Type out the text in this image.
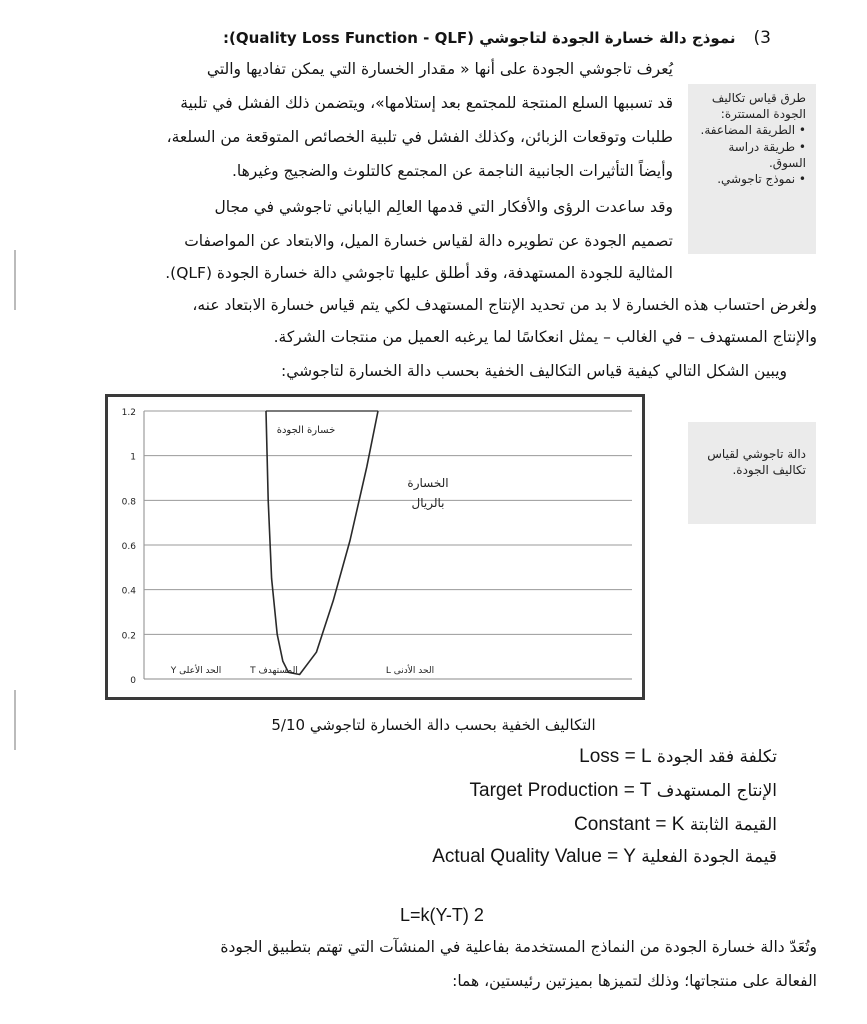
3)نموذج دالة خسارة الجودة لتاجوشي (Quality Loss Function - QLF):
يُعرف تاجوشي الجودة على أنها « مقدار الخسارة التي يمكن تفاديها والتي
قد تسببها السلع المنتجة للمجتمع بعد إستلامها»، ويتضمن ذلك الفشل في تلبية
طلبات وتوقعات الزبائن، وكذلك الفشل في تلبية الخصائص المتوقعة من السلعة،
وأيضاً التأثيرات الجانبية الناجمة عن المجتمع كالتلوث والضجيج وغيرها.
وقد ساعدت الرؤى والأفكار التي قدمها العالِم الياباني تاجوشي في مجال
تصميم الجودة عن تطويره دالة لقياس خسارة الميل، والابتعاد عن المواصفات
المثالية للجودة المستهدفة، وقد أطلق عليها تاجوشي دالة خسارة الجودة (QLF).
ولغرض احتساب هذه الخسارة لا بد من تحديد الإنتاج المستهدف لكي يتم قياس خسارة الابتعاد عنه،
والإنتاج المستهدف – في الغالب – يمثل انعكاسًا لما يرغبه العميل من منتجات الشركة.
ويبين الشكل التالي كيفية قياس التكاليف الخفية بحسب دالة الخسارة لتاجوشي:
طرق قياس تكاليف الجودة المستترة:
• الطريقة المضاعفة.
• طريقة دراسة السوق.
• نموذج تاجوشي.
دالة تاجوشي لقياس تكاليف الجودة.
0
0.2
0.4
0.6
0.8
1
1.2
خسارة الجودة
الخسارة
بالريال
الحد الأعلى Y	المستهدف T	الحد الأدنى L
التكاليف الخفية بحسب دالة الخسارة لتاجوشي 5/10
تكلفة فقد الجودة Loss = L
الإنتاج المستهدف Target Production = T
القيمة الثابتة Constant = K
قيمة الجودة الفعلية Actual Quality Value = Y
L=k(Y-T) 2
وتُعَدّ دالة خسارة الجودة من النماذج المستخدمة بفاعلية في المنشآت التي تهتم بتطبيق الجودة
الفعالة على منتجاتها؛ وذلك لتميزها بميزتين رئيستين، هما:
